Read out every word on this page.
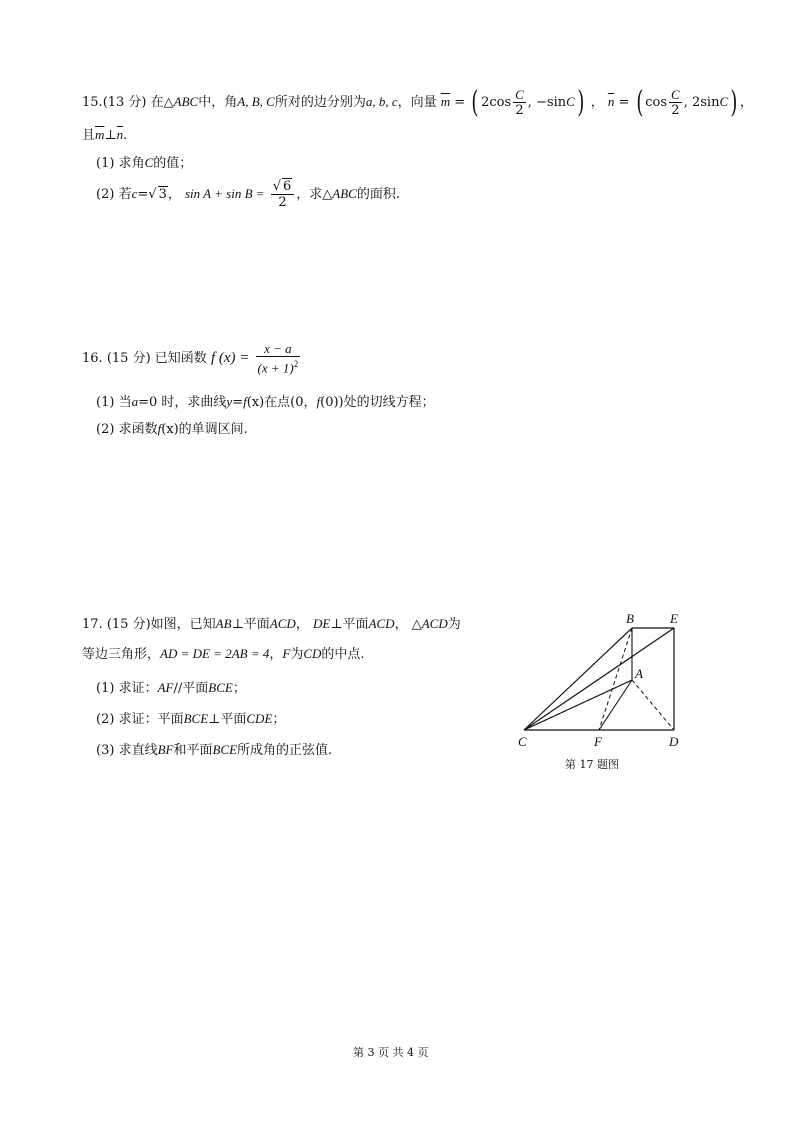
15.(13 分) 在△ABC中，角A, B, C所对的边分别为a, b, c，向量 $\overline{m}$ = ( $2\cos \frac{C}{2}$ , −sinC) ， $\overline{n}$ = ( $\cos \frac{C}{2}$ , 2sinC) ，
且$\overline{m}\perp\overline{n}$.
(1) 求角C的值；
(2) 若c=√ 3， $\sin A + \sin B = \frac{√ 6}{2}$ ，求△ABC的面积.
16. (15 分) 已知函数 f $(x) = \frac{x - a}{(x + 1)^2}$
(1) 当a=0 时，求曲线y=f(x)在点(0，f(0))处的切线方程；
(2) 求函数f(x)的单调区间.
17. (15 分)如图，已知AB⊥平面ACD， DE⊥平面ACD， △ACD为
等边三角形，AD = DE = 2AB = 4，F为CD的中点.
(1) 求证：AF//平面BCE；
(2) 求证：平面BCE⊥平面CDE；
(3) 求直线BF和平面BCE所成角的正弦值.
B	E
A
C	F	D
第 17 题图
第 3 页 共 4 页
